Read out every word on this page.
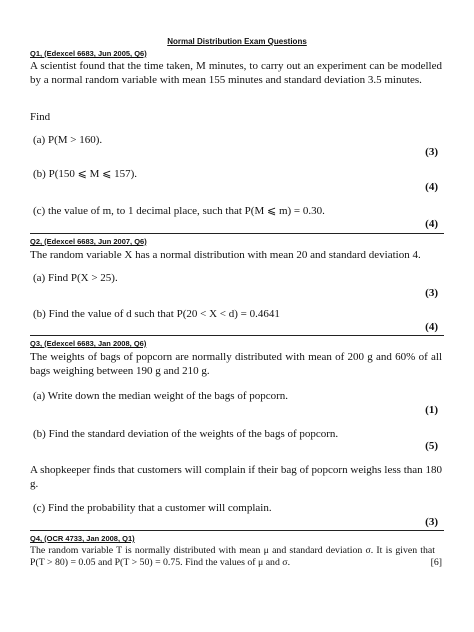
Normal Distribution Exam Questions
Q1, (Edexcel 6683, Jun 2005, Q6)
A scientist found that the time taken, M minutes, to carry out an experiment can be modelled by a normal random variable with mean 155 minutes and standard deviation 3.5 minutes.
Find
(a) P(M > 160).
(3)
(b) P(150 ⩽ M ⩽ 157).
(4)
(c) the value of m, to 1 decimal place, such that P(M ⩽ m) = 0.30.
(4)
Q2, (Edexcel 6683, Jun 2007, Q6)
The random variable X has a normal distribution with mean 20 and standard deviation 4.
(a) Find P(X > 25).
(3)
(b) Find the value of d such that P(20 < X < d) = 0.4641
(4)
Q3, (Edexcel 6683, Jan 2008, Q6)
The weights of bags of popcorn are normally distributed with mean of 200 g and 60% of all bags weighing between 190 g and 210 g.
(a) Write down the median weight of the bags of popcorn.
(1)
(b) Find the standard deviation of the weights of the bags of popcorn.
(5)
A shopkeeper finds that customers will complain if their bag of popcorn weighs less than 180 g.
(c) Find the probability that a customer will complain.
(3)
Q4, (OCR 4733, Jan 2008, Q1)
The random variable T is normally distributed with mean μ and standard deviation σ. It is given that P(T > 80) = 0.05 and P(T > 50) = 0.75. Find the values of μ and σ.	[6]
